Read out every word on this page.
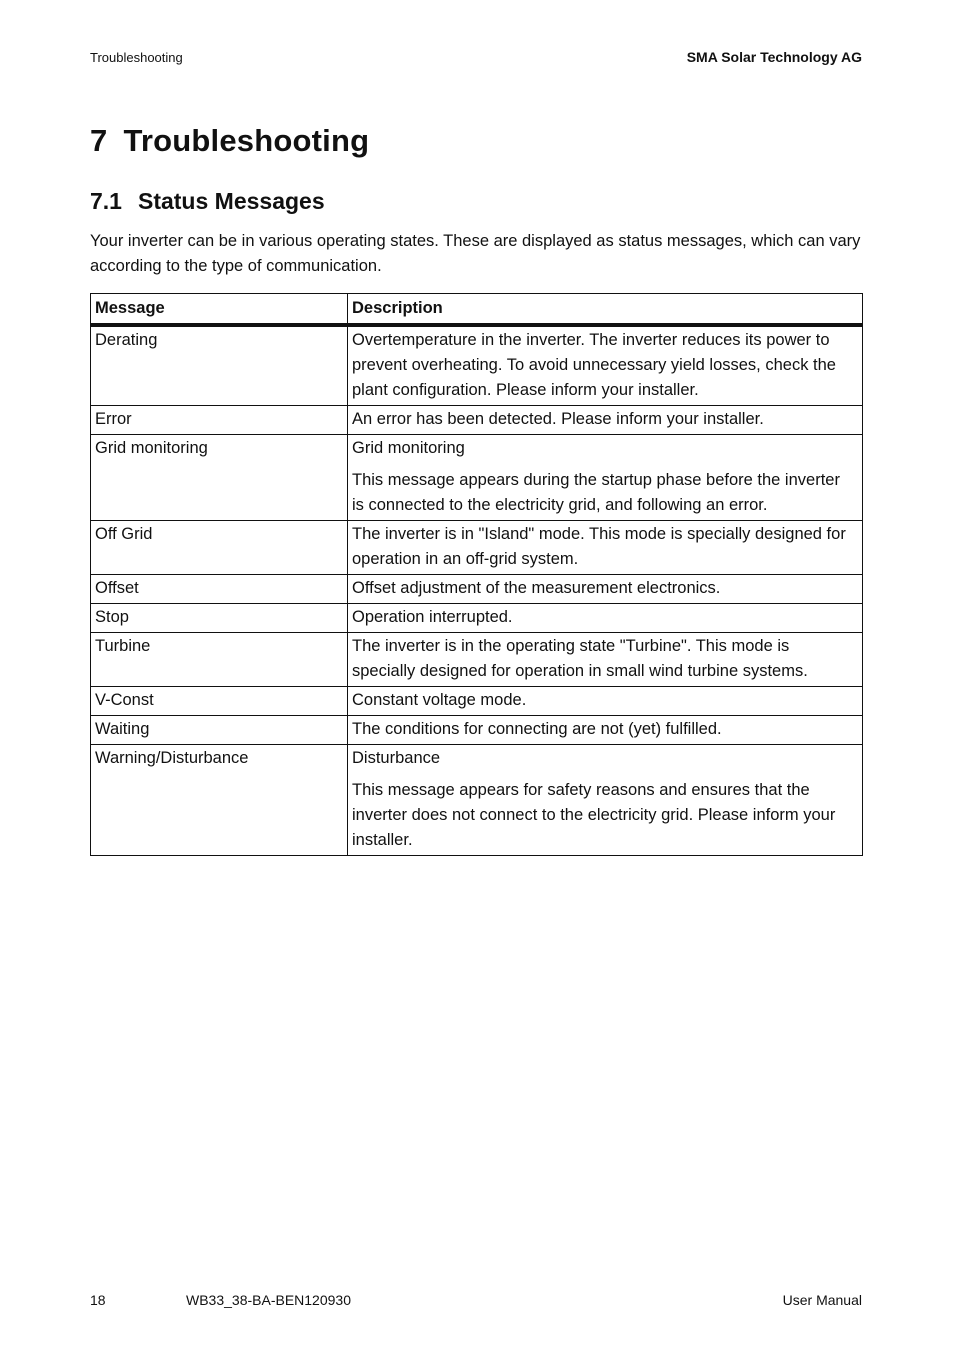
Troubleshooting	SMA Solar Technology AG
7 Troubleshooting
7.1 Status Messages

Your inverter can be in various operating states. These are displayed as status messages, which can vary according to the type of communication.

Message	Description
Derating	Overtemperature in the inverter. The inverter reduces its power to prevent overheating. To avoid unnecessary yield losses, check the plant configuration. Please inform your installer.

Error	An error has been detected. Please inform your installer.

Grid monitoring	Grid monitoring

This message appears during the startup phase before the inverter is connected to the electricity grid, and following an error.

Off Grid	The inverter is in "Island" mode. This mode is specially designed for operation in an off-grid system.

Offset	Offset adjustment of the measurement electronics.

Stop	Operation interrupted.

Turbine	The inverter is in the operating state "Turbine". This mode is specially designed for operation in small wind turbine systems.

V-Const	Constant voltage mode.

Waiting	The conditions for connecting are not (yet) fulfilled.

Warning/Disturbance	Disturbance

This message appears for safety reasons and ensures that the inverter does not connect to the electricity grid. Please inform your installer.

18	WB33_38-BA-BEN120930	User Manual
